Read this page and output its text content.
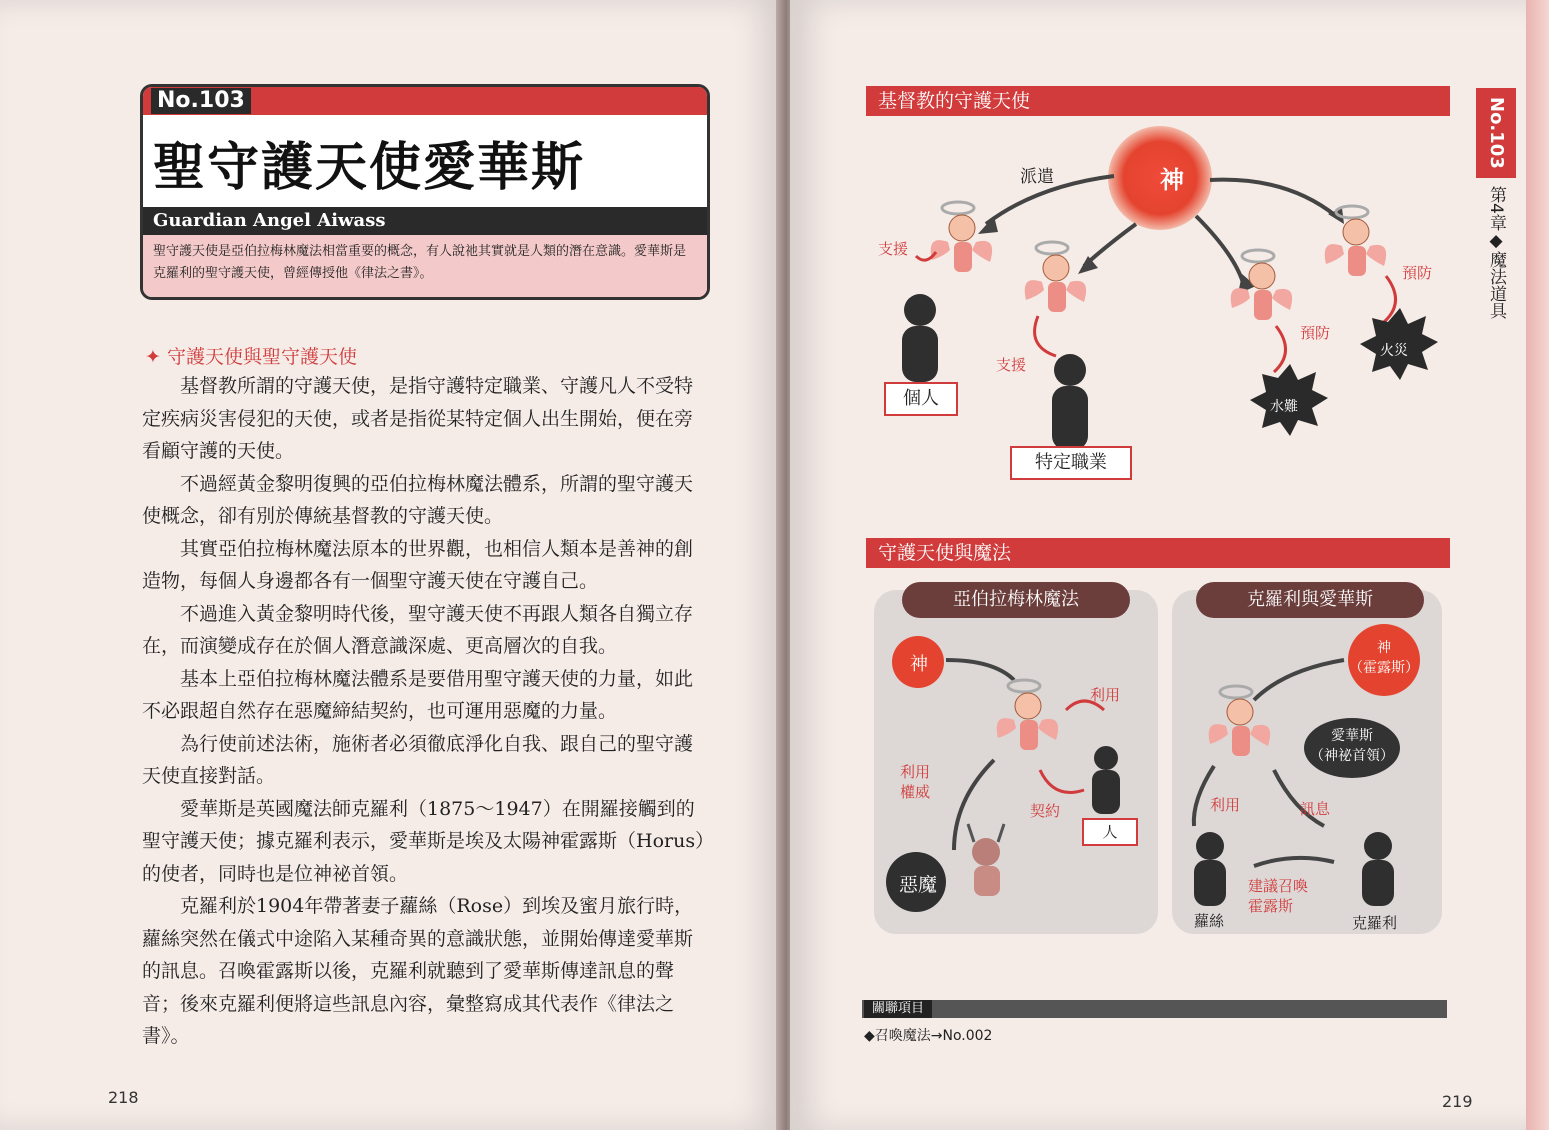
No.103
聖守護天使愛華斯
Guardian Angel Aiwass
聖守護天使是亞伯拉梅林魔法相當重要的概念，有人說祂其實就是人類的潛在意識。愛華斯是克羅利的聖守護天使，曾經傳授他《律法之書》。
✦ 守護天使與聖守護天使

基督教所謂的守護天使，是指守護特定職業、守護凡人不受特定疾病災害侵犯的天使，或者是指從某特定個人出生開始，便在旁看顧守護的天使。

不過經黃金黎明復興的亞伯拉梅林魔法體系，所謂的聖守護天使概念，卻有別於傳統基督教的守護天使。

其實亞伯拉梅林魔法原本的世界觀，也相信人類本是善神的創造物，每個人身邊都各有一個聖守護天使在守護自己。

不過進入黃金黎明時代後，聖守護天使不再跟人類各自獨立存在，而演變成存在於個人潛意識深處、更高層次的自我。

基本上亞伯拉梅林魔法體系是要借用聖守護天使的力量，如此不必跟超自然存在惡魔締結契約，也可運用惡魔的力量。

為行使前述法術，施術者必須徹底淨化自我、跟自己的聖守護天使直接對話。

愛華斯是英國魔法師克羅利（1875～1947）在開羅接觸到的聖守護天使；據克羅利表示，愛華斯是埃及太陽神霍露斯（Horus）的使者，同時也是位神祕首領。

克羅利於1904年帶著妻子蘿絲（Rose）到埃及蜜月旅行時，蘿絲突然在儀式中途陷入某種奇異的意識狀態，並開始傳達愛華斯的訊息。召喚霍露斯以後，克羅利就聽到了愛華斯傳達訊息的聲音；後來克羅利便將這些訊息內容，彙整寫成其代表作《律法之書》。

218
No.103
第4章◆魔法道具
基督教的守護天使
神
派遣
支援
支援
預防
預防
個人
特定職業
水難
火災
守護天使與魔法
亞伯拉梅林魔法	克羅利與愛華斯
神
利用
利用
權威
契約
人
惡魔
神
（霍露斯）
愛華斯
（神祕首領）
利用	訊息
建議召喚
霍露斯
蘿絲	克羅利
關聯項目
◆召喚魔法→No.002
219
